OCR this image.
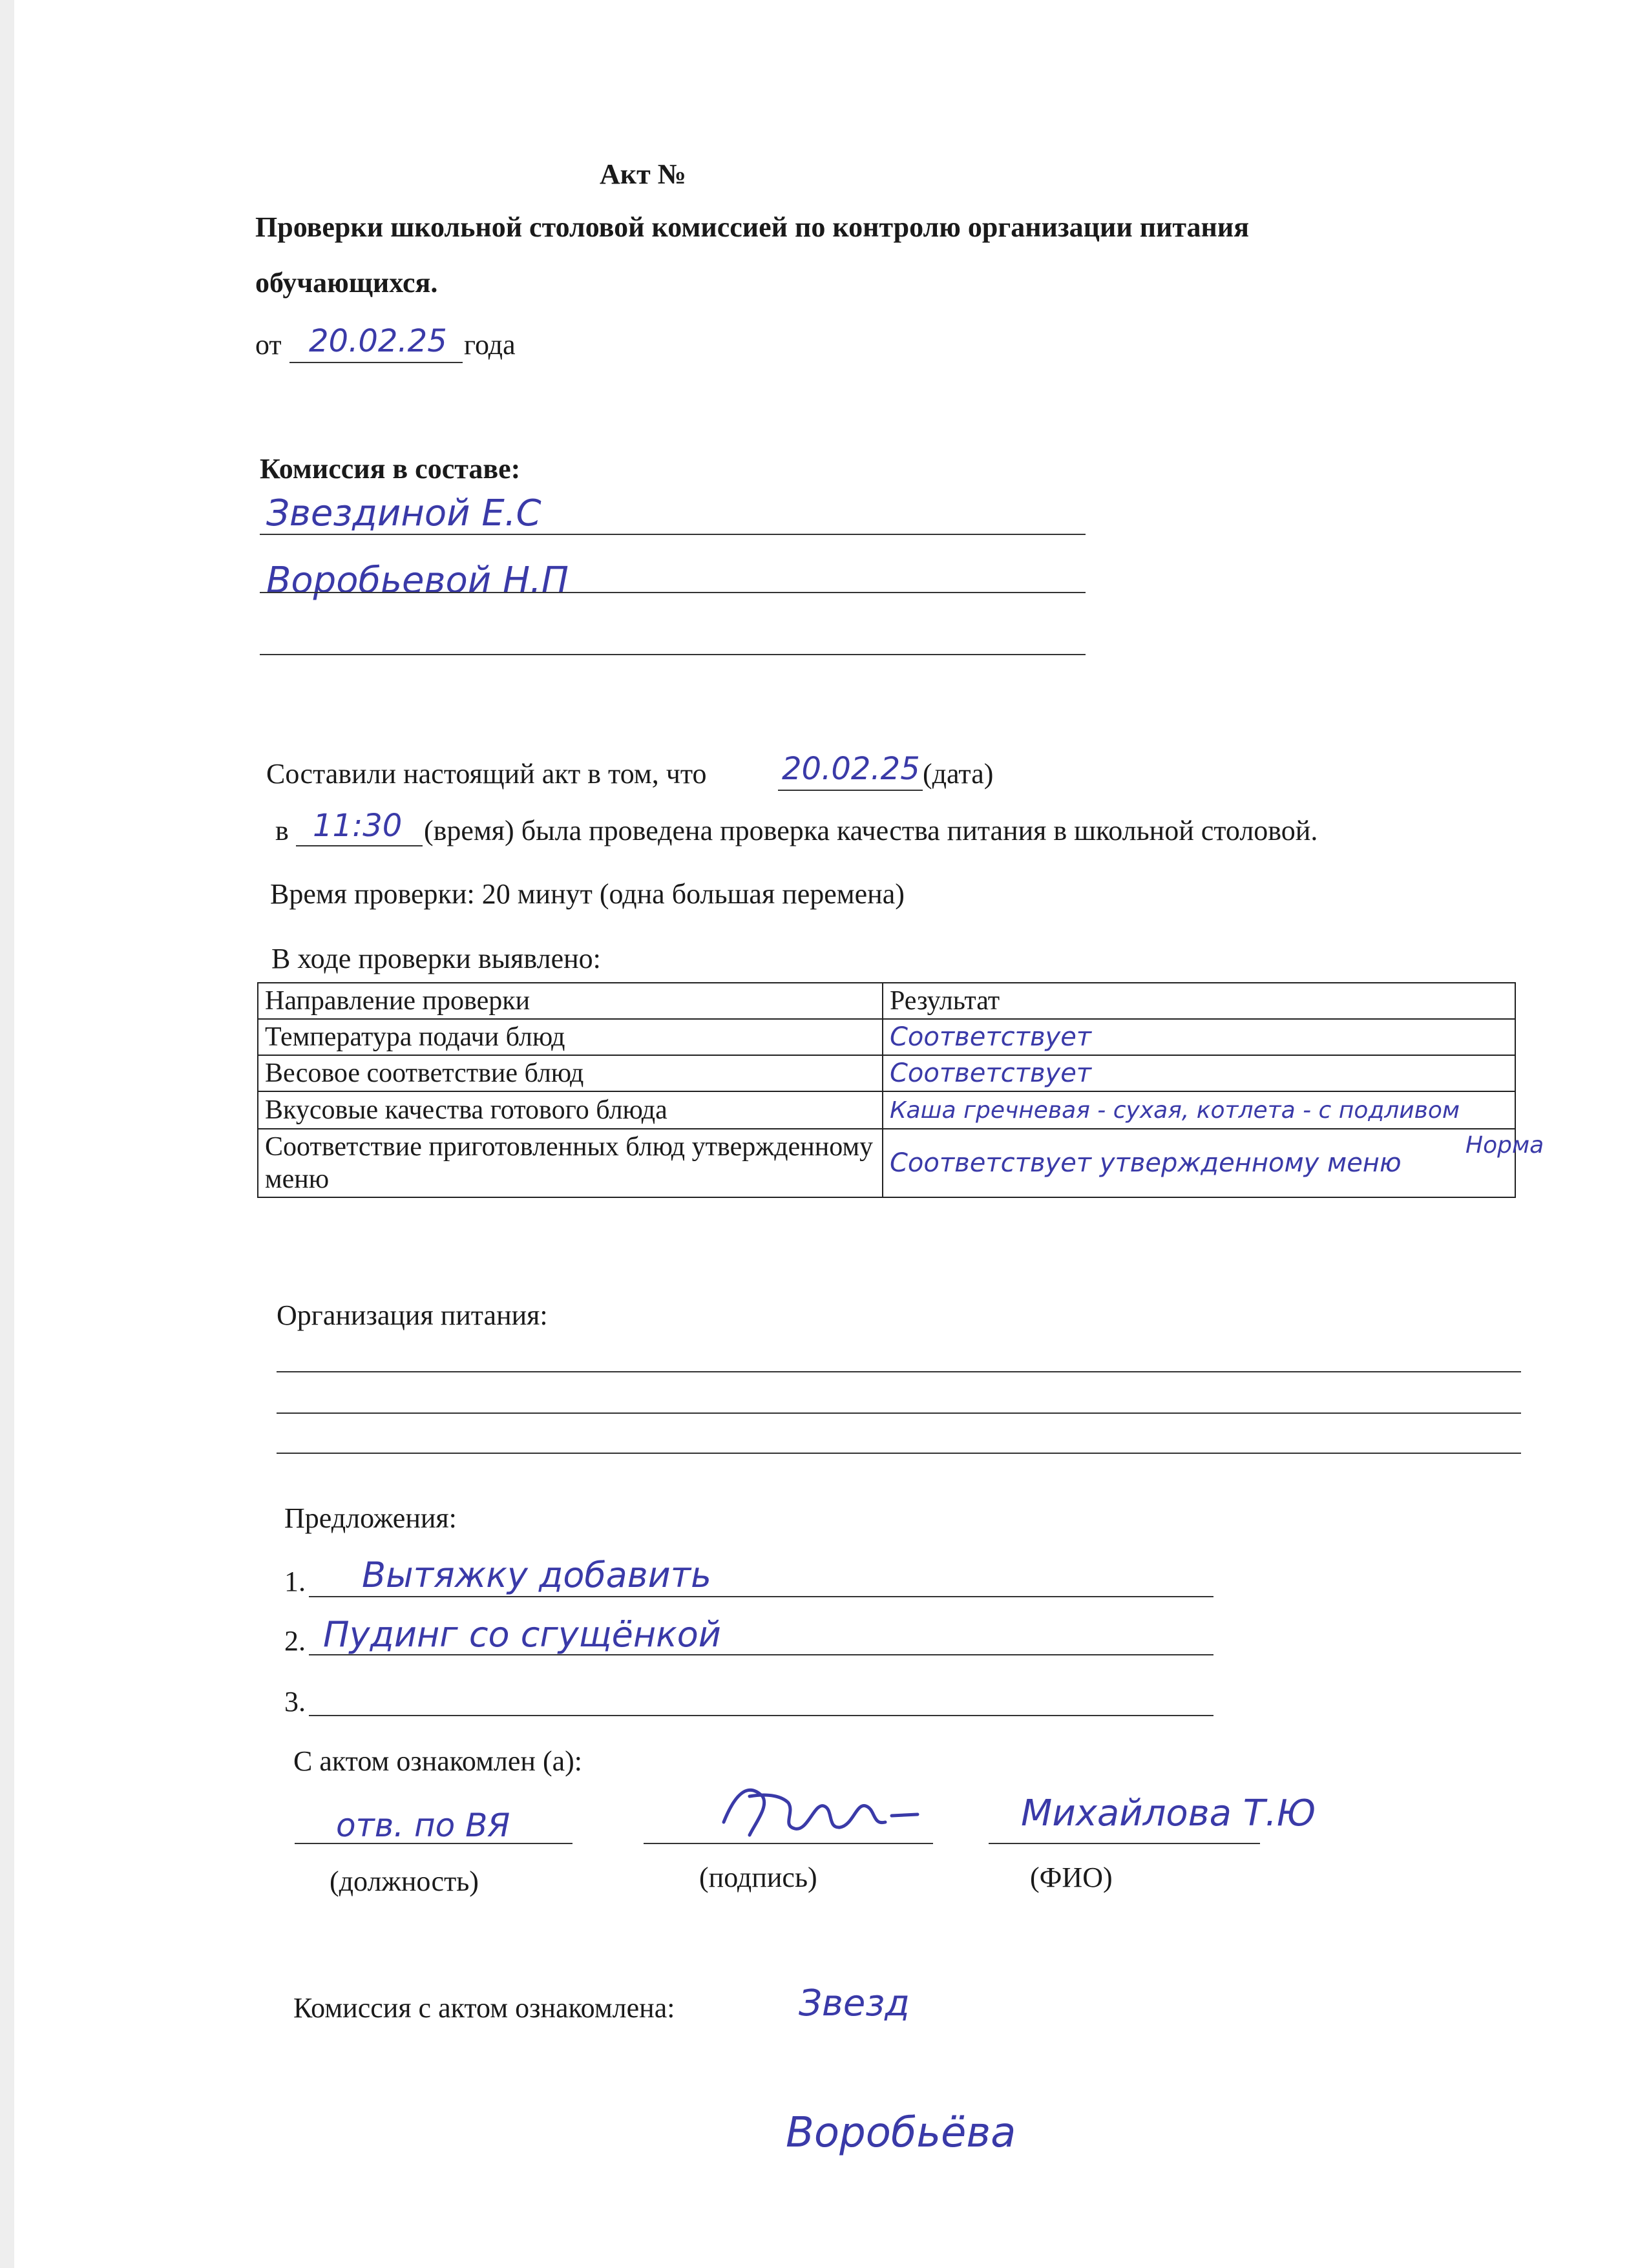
Акт №
Проверки школьной столовой комиссией по контролю организации питания
обучающихся.
от 20.02.25 года
Комиссия в составе:
Звездиной Е.С
Воробьевой Н.П
Составили настоящий акт в том, что 20.02.25 (дата)
в 11:30 (время) была проведена проверка качества питания в школьной столовой.
Время проверки: 20 минут (одна большая перемена)
В ходе проверки выявлено:
Направление проверки	Результат
Температура подачи блюд	Соответствует
Весовое соответствие блюд	Соответствует
Вкусовые качества готового блюда	Каша гречневая - сухая, котлета - с подливом
Соответствие приготовленных блюд утвержденному меню	Соответствует утвержденному меню
Норма
Организация питания:
Предложения:
1. Вытяжку добавить
2. Пудинг со сгущёнкой
3.
С актом ознакомлен (а):
отв. по ВЯ	Михайлова Т.Ю
(должность)	(подпись)	(ФИО)
Комиссия с актом ознакомлена:	Звезд
Воробьёва
